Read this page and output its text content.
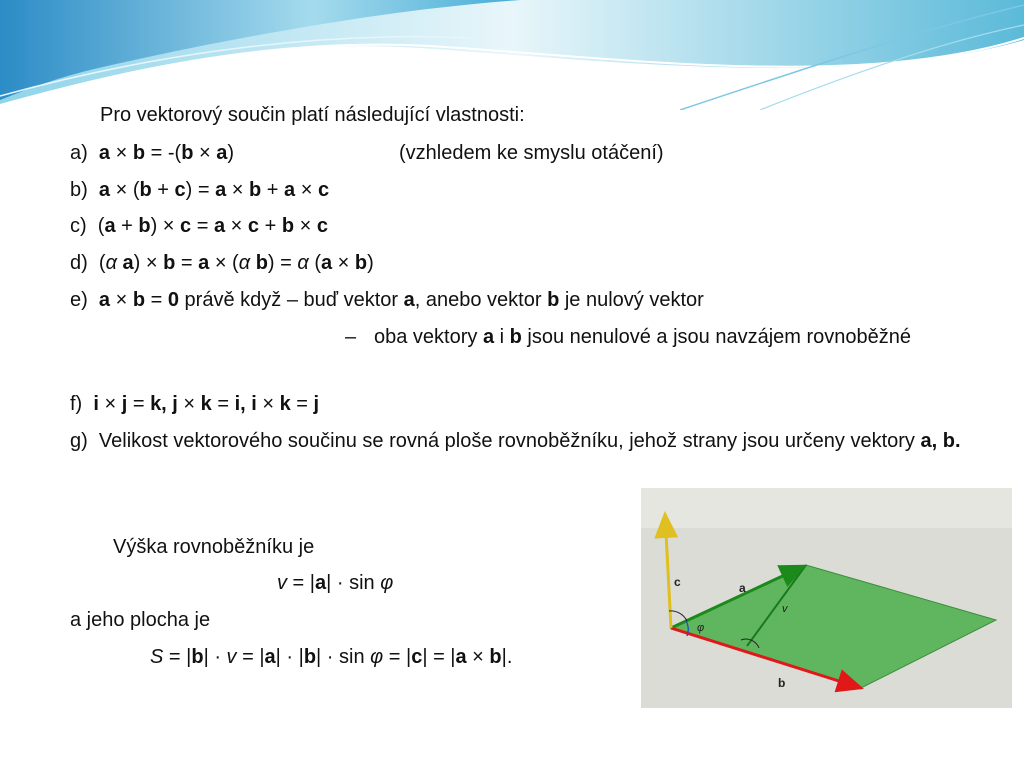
Pro vektorový součin platí následující vlastnosti:
a) a × b = -(b × a)	(vzhledem ke smyslu otáčení)
b) a × (b + c) = a × b + a × c
c)  (a + b) × c = a × c + b × c
d)  (α a) × b = a × (α b) = α (a × b)
e) a × b = 0 právě když – buď vektor a, anebo vektor b je nulový vektor
– oba vektory a i b jsou nenulové a jsou navzájem rovnoběžné
f) i × j = k, j × k = i, i × k = j
g) Velikost vektorového součinu se rovná ploše rovnoběžníku, jehož strany jsou určeny vektory a, b.
Výška rovnoběžníku je
v = |a| · sin φ
a jeho plocha je
S = |b| · v = |a| · |b| · sin φ = |c| = |a × b|.
c	a
v
b
φ
